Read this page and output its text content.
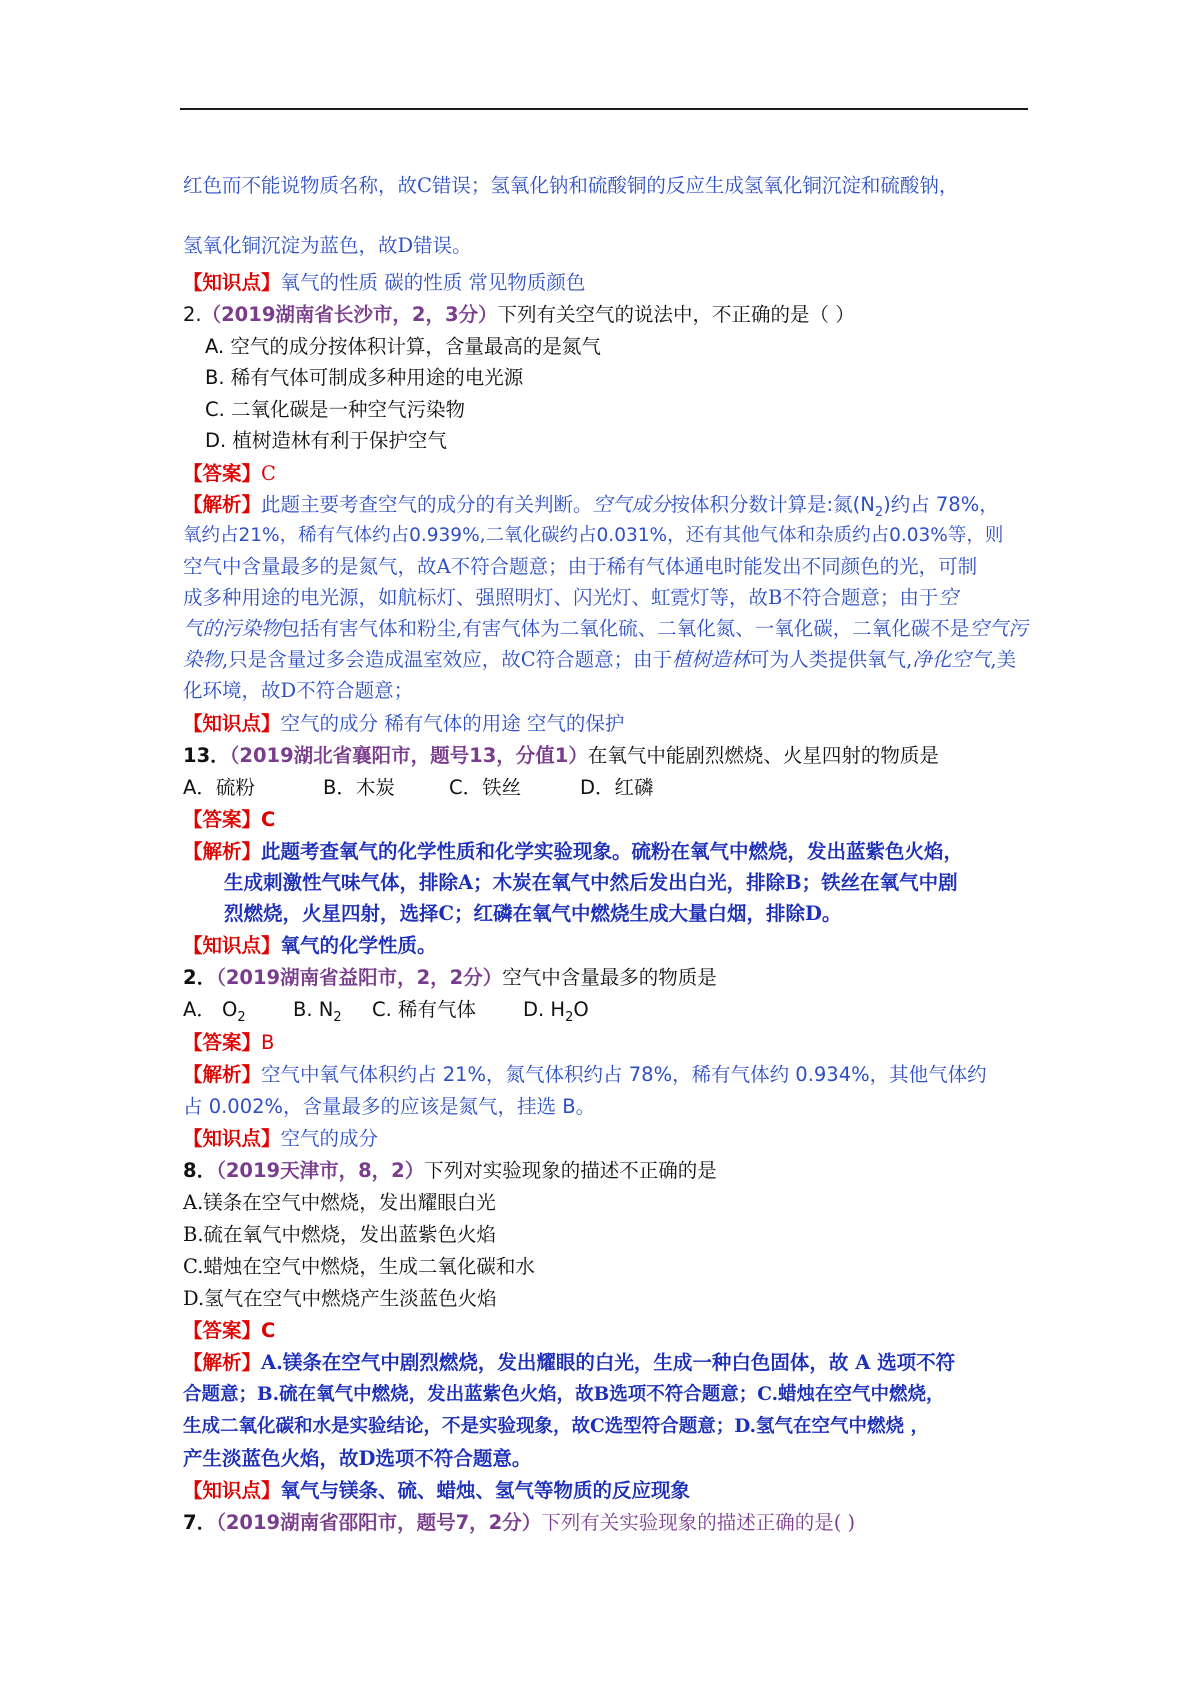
红色而不能说物质名称，故C错误；氢氧化钠和硫酸铜的反应生成氢氧化铜沉淀和硫酸钠，
氢氧化铜沉淀为蓝色，故D错误。
【知识点】氧气的性质 碳的性质 常见物质颜色
2.（2019湖南省长沙市，2，3分）下列有关空气的说法中，不正确的是（ ）
A. 空气的成分按体积计算，含量最高的是氮气
B. 稀有气体可制成多种用途的电光源
C. 二氧化碳是一种空气污染物
D. 植树造林有利于保护空气
【答案】C
【解析】此题主要考查空气的成分的有关判断。空气成分按体积分数计算是:氮$(N_2)$约占 78%，
氧约占21%，稀有气体约占0.939%,二氧化碳约占0.031%，还有其他气体和杂质约占0.03%等，则
空气中含量最多的是氮气，故A不符合题意；由于稀有气体通电时能发出不同颜色的光，可制
成多种用途的电光源，如航标灯、强照明灯、闪光灯、虹霓灯等，故B不符合题意；由于空
气的污染物包括有害气体和粉尘,有害气体为二氧化硫、二氧化氮、一氧化碳，二氧化碳不是空气污
染物,只是含量过多会造成温室效应，故C符合题意；由于植树造林可为人类提供氧气,净化空气,美
化环境，故D不符合题意；
【知识点】空气的成分 稀有气体的用途 空气的保护
13．（2019湖北省襄阳市，题号13，分值1）在氧气中能剧烈燃烧、火星四射的物质是
A．硫粉	B．木炭	C．铁丝	D．红磷
【答案】C
【解析】此题考查氧气的化学性质和化学实验现象。硫粉在氧气中燃烧，发出蓝紫色火焰，
生成刺激性气味气体，排除A；木炭在氧气中然后发出白光，排除B；铁丝在氧气中剧
烈燃烧，火星四射，选择C；红磷在氧气中燃烧生成大量白烟，排除D。
【知识点】氧气的化学性质。
2．（2019湖南省益阳市，2，2分）空气中含量最多的物质是
A． $O_2$ B. $N_2$ C. 稀有气体 D. $H_2O$
【答案】B
【解析】空气中氧气体积约占 21%，氮气体积约占 78%，稀有气体约 0.934%，其他气体约
占 0.002%，含量最多的应该是氮气，挂选 B。
【知识点】空气的成分
8．（2019天津市，8，2）下列对实验现象的描述不正确的是
A.镁条在空气中燃烧，发出耀眼白光
B.硫在氧气中燃烧，发出蓝紫色火焰
C.蜡烛在空气中燃烧，生成二氧化碳和水
D.氢气在空气中燃烧产生淡蓝色火焰
【答案】C
【解析】A.镁条在空气中剧烈燃烧，发出耀眼的白光，生成一种白色固体，故 A 选项不符
合题意；B.硫在氧气中燃烧，发出蓝紫色火焰，故B选项不符合题意；C.蜡烛在空气中燃烧，
生成二氧化碳和水是实验结论，不是实验现象，故C选型符合题意；D.氢气在空气中燃烧 ，
产生淡蓝色火焰，故D选项不符合题意。
【知识点】氧气与镁条、硫、蜡烛、氢气等物质的反应现象
7．（2019湖南省邵阳市，题号7，2分）下列有关实验现象的描述正确的是( )
